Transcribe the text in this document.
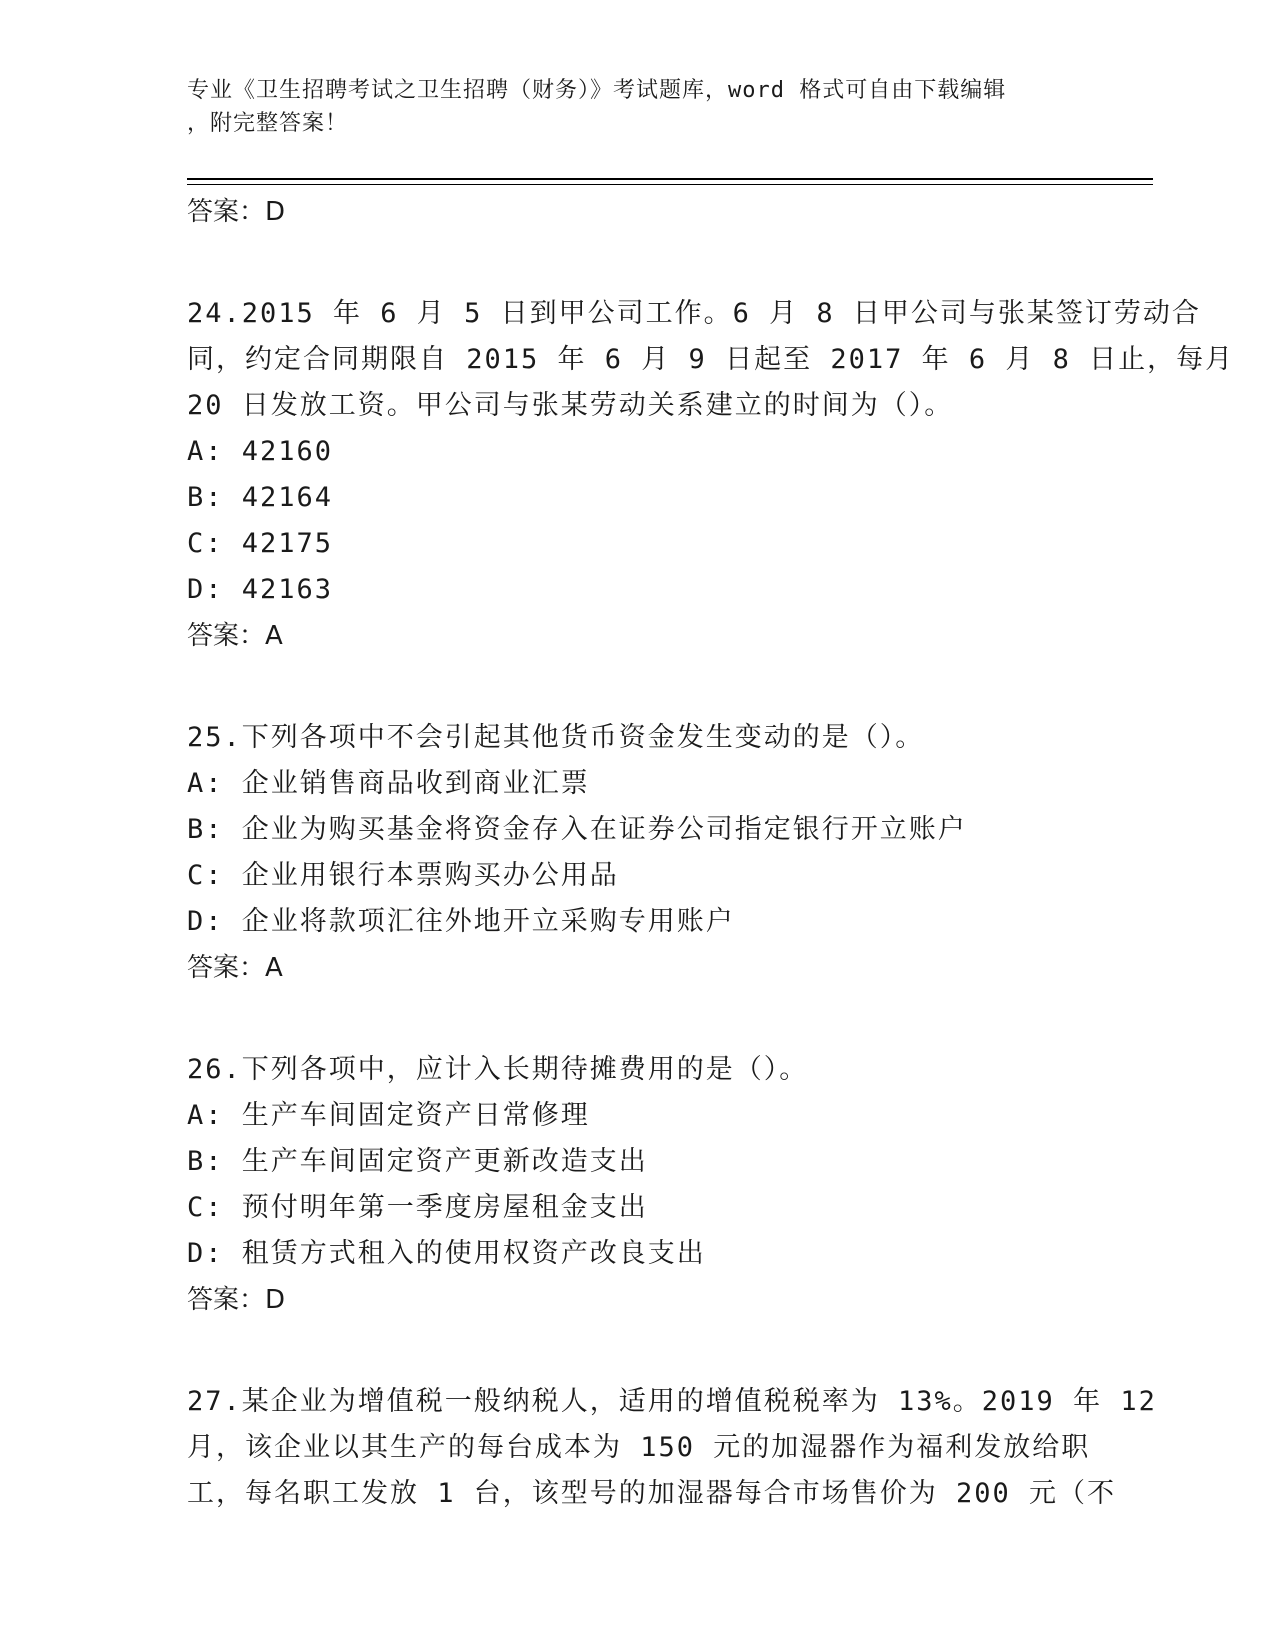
专业《卫生招聘考试之卫生招聘（财务）》考试题库，word 格式可自由下载编辑
，附完整答案！
答案：D
24.2015 年 6 月 5 日到甲公司工作。6 月 8 日甲公司与张某签订劳动合
同，约定合同期限自 2015 年 6 月 9 日起至 2017 年 6 月 8 日止，每月
20 日发放工资。甲公司与张某劳动关系建立的时间为（）。
A: 42160
B: 42164
C: 42175
D: 42163
答案：A
25.下列各项中不会引起其他货币资金发生变动的是（）。
A: 企业销售商品收到商业汇票
B: 企业为购买基金将资金存入在证券公司指定银行开立账户
C: 企业用银行本票购买办公用品
D: 企业将款项汇往外地开立采购专用账户
答案：A
26.下列各项中，应计入长期待摊费用的是（）。
A: 生产车间固定资产日常修理
B: 生产车间固定资产更新改造支出
C: 预付明年第一季度房屋租金支出
D: 租赁方式租入的使用权资产改良支出
答案：D
27.某企业为增值税一般纳税人，适用的增值税税率为 13%。2019 年 12
月，该企业以其生产的每台成本为 150 元的加湿器作为福利发放给职
工，每名职工发放 1 台，该型号的加湿器每合市场售价为 200 元（不
